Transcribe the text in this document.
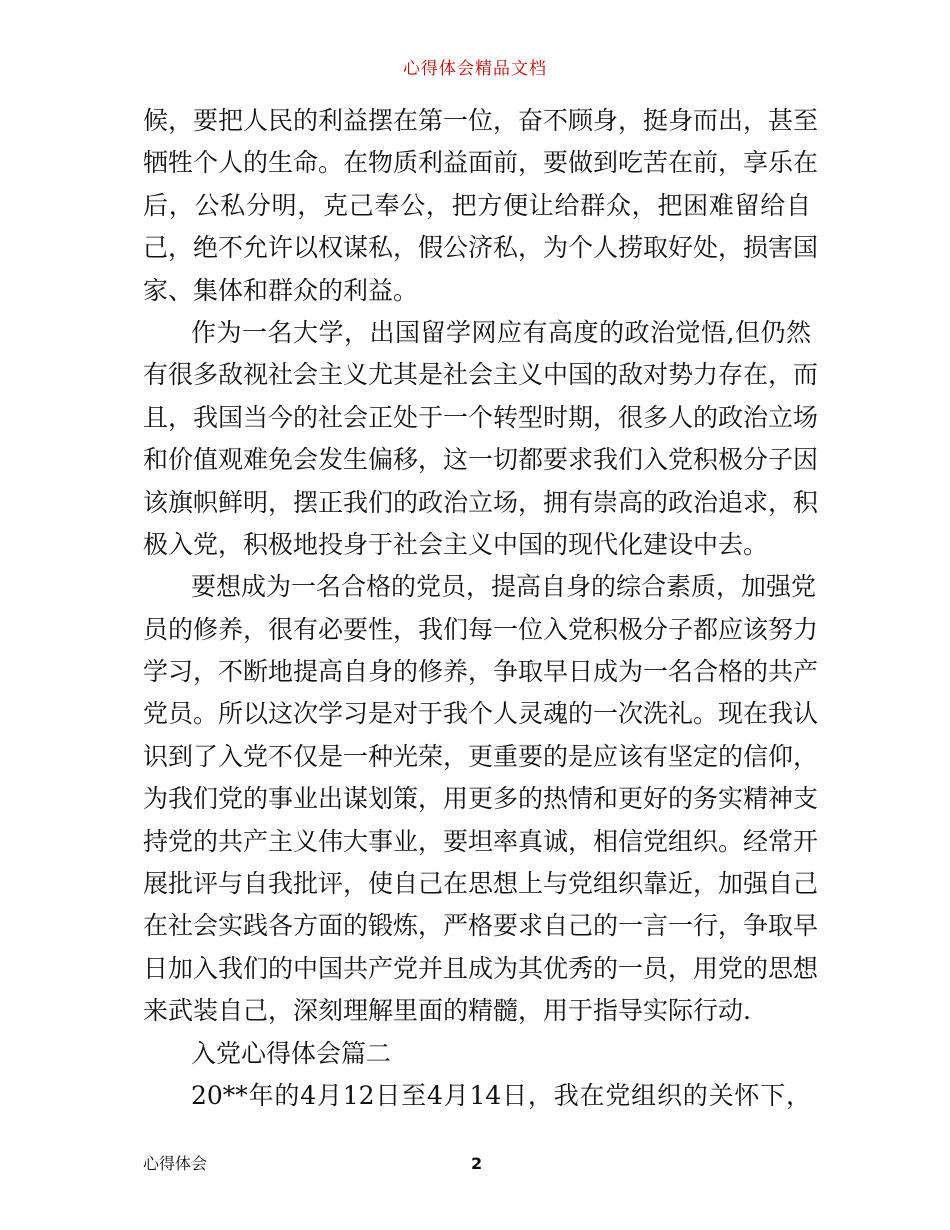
心得体会精品文档
候，要把人民的利益摆在第一位，奋不顾身，挺身而出，甚至
牺牲个人的生命。在物质利益面前，要做到吃苦在前，享乐在
后，公私分明，克己奉公，把方便让给群众，把困难留给自
己，绝不允许以权谋私，假公济私，为个人捞取好处，损害国
家、集体和群众的利益。
作为一名大学，出国留学网应有高度的政治觉悟,但仍然
有很多敌视社会主义尤其是社会主义中国的敌对势力存在，而
且，我国当今的社会正处于一个转型时期，很多人的政治立场
和价值观难免会发生偏移，这一切都要求我们入党积极分子因
该旗帜鲜明，摆正我们的政治立场，拥有崇高的政治追求，积
极入党，积极地投身于社会主义中国的现代化建设中去。
要想成为一名合格的党员，提高自身的综合素质，加强党
员的修养，很有必要性，我们每一位入党积极分子都应该努力
学习，不断地提高自身的修养，争取早日成为一名合格的共产
党员。所以这次学习是对于我个人灵魂的一次洗礼。现在我认
识到了入党不仅是一种光荣，更重要的是应该有坚定的信仰，
为我们党的事业出谋划策，用更多的热情和更好的务实精神支
持党的共产主义伟大事业，要坦率真诚，相信党组织。经常开
展批评与自我批评，使自己在思想上与党组织靠近，加强自己
在社会实践各方面的锻炼，严格要求自己的一言一行，争取早
日加入我们的中国共产党并且成为其优秀的一员，用党的思想
来武装自己，深刻理解里面的精髓，用于指导实际行动.
入党心得体会篇二
20**年的4月12日至4月14日，我在党组织的关怀下，
心得体会	2
